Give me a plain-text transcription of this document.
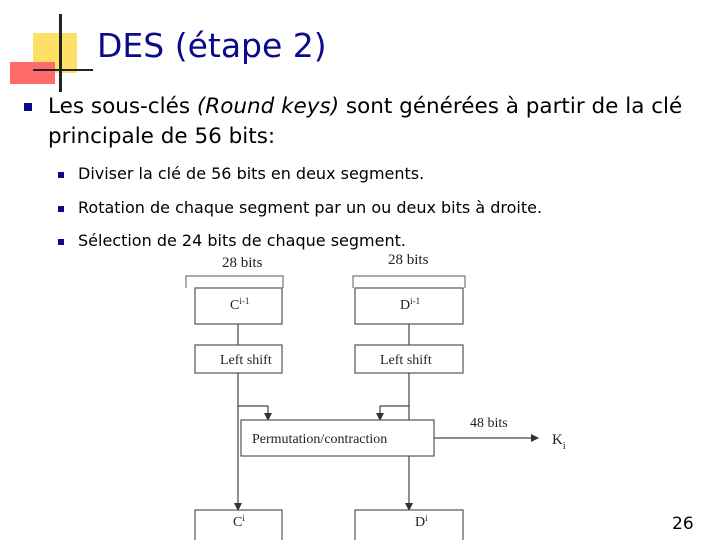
DES (étape 2)
Les sous-clés (Round keys) sont générées à partir de la clé principale de 56 bits:
Diviser la clé de 56 bits en deux segments.
Rotation de chaque segment par un ou deux bits à droite.
Sélection de 24 bits de chaque segment.
28 bits	28 bits
$C^{i-1}$	$D^{i-1}$
Left shift	Left shift
Permutation/contraction
48 bits
$K_i$
$C^i$	$D^i$	26
